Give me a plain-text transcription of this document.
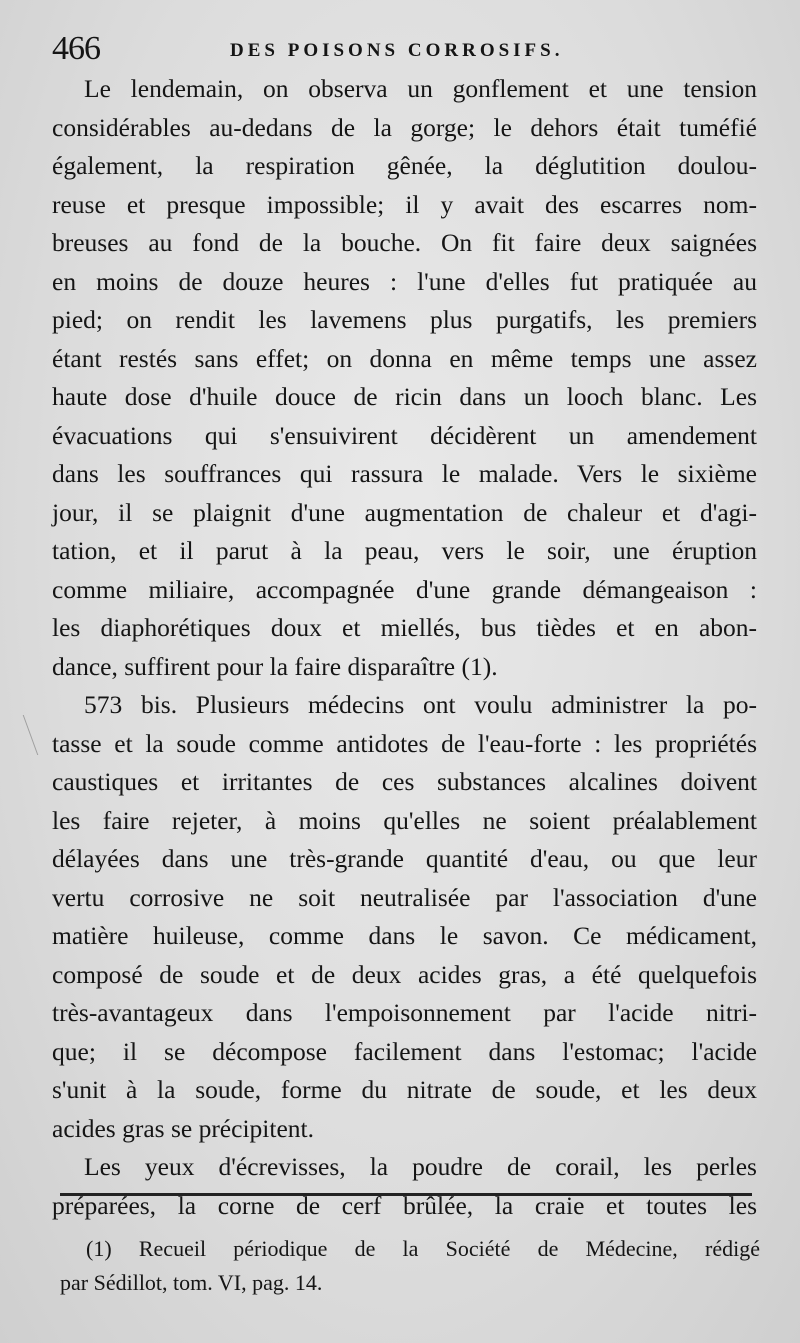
466	DES POISONS CORROSIFS.
Le lendemain, on observa un gonflement et une tension
considérables au-dedans de la gorge; le dehors était tuméfié
également, la respiration gênée, la déglutition doulou-
reuse et presque impossible; il y avait des escarres nom-
breuses au fond de la bouche. On fit faire deux saignées
en moins de douze heures : l'une d'elles fut pratiquée au
pied; on rendit les lavemens plus purgatifs, les premiers
étant restés sans effet; on donna en même temps une assez
haute dose d'huile douce de ricin dans un looch blanc. Les
évacuations qui s'ensuivirent décidèrent un amendement
dans les souffrances qui rassura le malade. Vers le sixième
jour, il se plaignit d'une augmentation de chaleur et d'agi-
tation, et il parut à la peau, vers le soir, une éruption
comme miliaire, accompagnée d'une grande démangeaison :
les diaphorétiques doux et miellés, bus tièdes et en abon-
dance, suffirent pour la faire disparaître (1).
573 bis. Plusieurs médecins ont voulu administrer la po-
tasse et la soude comme antidotes de l'eau-forte : les propriétés
caustiques et irritantes de ces substances alcalines doivent
les faire rejeter, à moins qu'elles ne soient préalablement
délayées dans une très-grande quantité d'eau, ou que leur
vertu corrosive ne soit neutralisée par l'association d'une
matière huileuse, comme dans le savon. Ce médicament,
composé de soude et de deux acides gras, a été quelquefois
très-avantageux dans l'empoisonnement par l'acide nitri-
que; il se décompose facilement dans l'estomac; l'acide
s'unit à la soude, forme du nitrate de soude, et les deux
acides gras se précipitent.
Les yeux d'écrevisses, la poudre de corail, les perles
préparées, la corne de cerf brûlée, la craie et toutes les
(1) Recueil périodique de la Société de Médecine, rédigé
par Sédillot, tom. VI, pag. 14.
